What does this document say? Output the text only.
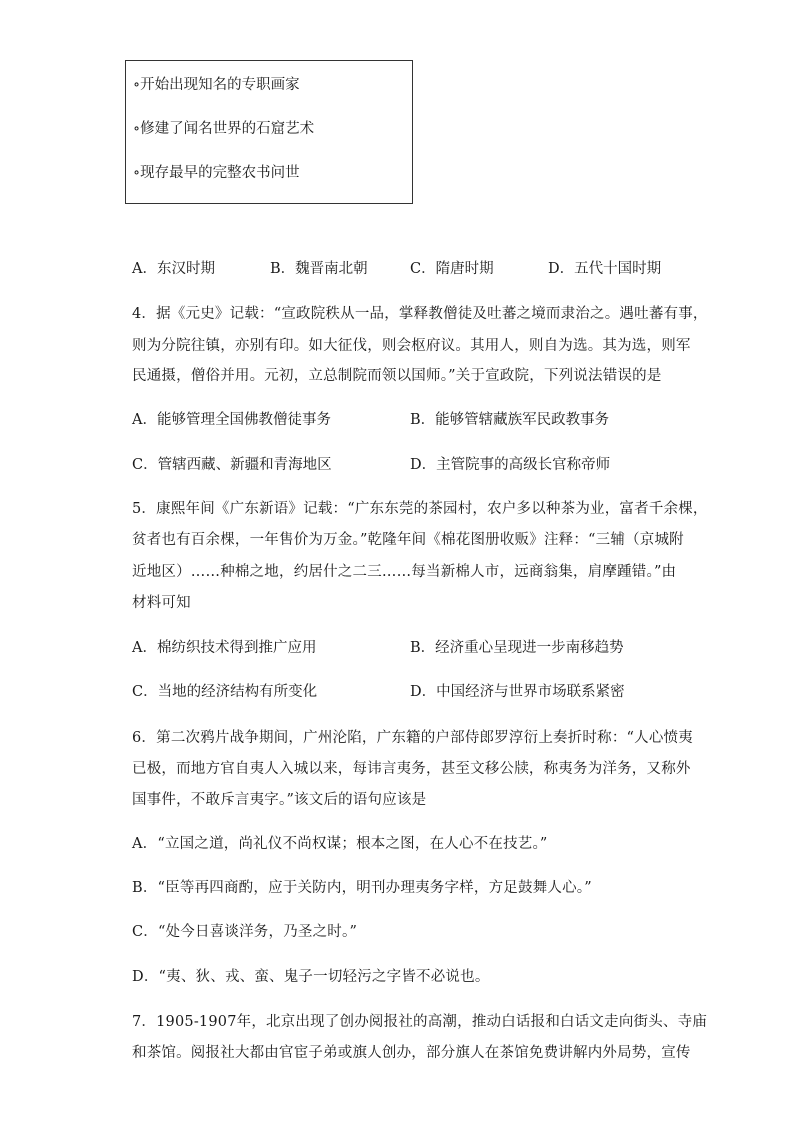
∘开始出现知名的专职画家
∘修建了闻名世界的石窟艺术
∘现存最早的完整农书问世
A．东汉时期	B．魏晋南北朝	C．隋唐时期	D．五代十国时期
4．据《元史》记载：“宣政院秩从一品，掌释教僧徒及吐蕃之境而隶治之。遇吐蕃有事，
则为分院往镇，亦别有印。如大征伐，则会枢府议。其用人，则自为选。其为选，则军
民通摄，僧俗并用。元初，立总制院而领以国师。”关于宣政院，下列说法错误的是
A．能够管理全国佛教僧徒事务	B．能够管辖藏族军民政教事务
C．管辖西藏、新疆和青海地区	D．主管院事的高级长官称帝师
5．康熙年间《广东新语》记载：“广东东莞的茶园村，农户多以种茶为业，富者千余棵，
贫者也有百余棵，一年售价为万金。”乾隆年间《棉花图册收贩》注释：“三辅（京城附
近地区）……种棉之地，约居什之二三……每当新棉人市，远商翁集，肩摩踵错。”由
材料可知
A．棉纺织技术得到推广应用	B．经济重心呈现进一步南移趋势
C．当地的经济结构有所变化	D．中国经济与世界市场联系紧密
6．第二次鸦片战争期间，广州沦陷，广东籍的户部侍郎罗淳衍上奏折时称：“人心愤夷
已极，而地方官自夷人入城以来，每讳言夷务，甚至文移公牍，称夷务为洋务，又称外
国事件，不敢斥言夷字。”该文后的语句应该是
A．“立国之道，尚礼仪不尚权谋；根本之图，在人心不在技艺。”
B．“臣等再四商酌，应于关防内，明刊办理夷务字样，方足鼓舞人心。”
C．“处今日喜谈洋务，乃圣之时。”
D．“夷、狄、戎、蛮、鬼子一切轻污之字皆不必说也。
7．1905-1907年，北京出现了创办阅报社的高潮，推动白话报和白话文走向街头、寺庙
和茶馆。阅报社大都由官宦子弟或旗人创办，部分旗人在茶馆免费讲解内外局势，宣传
